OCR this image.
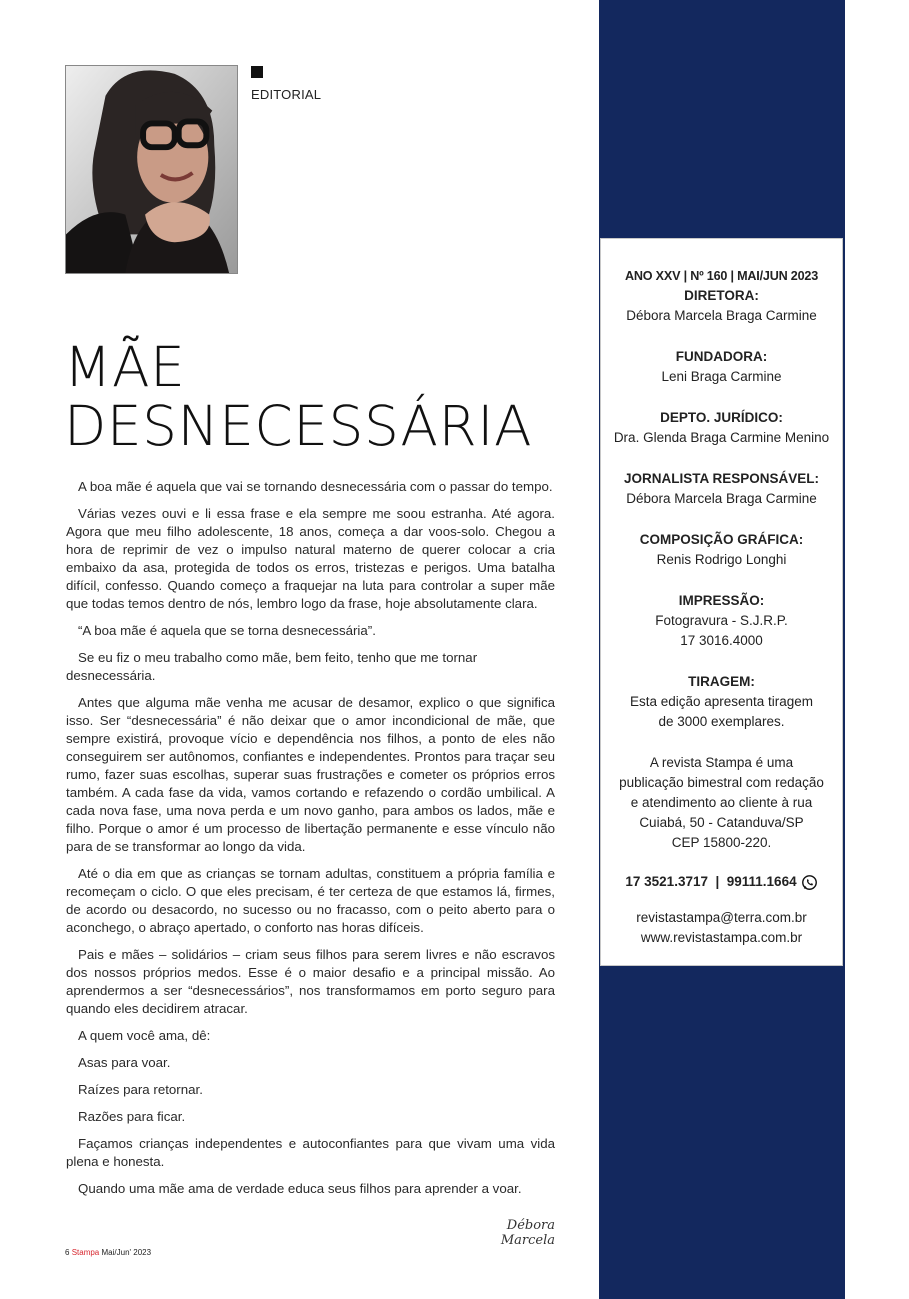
EDITORIAL
MÃE
DESNECESSÁRIA

A boa mãe é aquela que vai se tornando desnecessária com o passar do tempo.

Várias vezes ouvi e li essa frase e ela sempre me soou estranha. Até agora. Agora que meu filho adolescente, 18 anos, começa a dar voos-solo. Chegou a hora de reprimir de vez o impulso natural materno de querer colocar a cria embaixo da asa, protegida de todos os erros, tristezas e perigos. Uma batalha difícil, confesso. Quando começo a fraquejar na luta para controlar a super mãe que todas temos dentro de nós, lembro logo da frase, hoje absolutamente clara.

“A boa mãe é aquela que se torna desnecessária”.

Se eu fiz o meu trabalho como mãe, bem feito, tenho que me tornar desnecessária.

Antes que alguma mãe venha me acusar de desamor, explico o que significa isso. Ser “desnecessária” é não deixar que o amor incondicional de mãe, que sempre existirá, provoque vício e dependência nos filhos, a ponto de eles não conseguirem ser autônomos, confiantes e independentes. Prontos para traçar seu rumo, fazer suas escolhas, superar suas frustrações e cometer os próprios erros também. A cada fase da vida, vamos cortando e refazendo o cordão umbilical. A cada nova fase, uma nova perda e um novo ganho, para ambos os lados, mãe e filho. Porque o amor é um processo de libertação permanente e esse vínculo não para de se transformar ao longo da vida.

Até o dia em que as crianças se tornam adultas, constituem a própria família e recomeçam o ciclo. O que eles precisam, é ter certeza de que estamos lá, firmes, de acordo ou desacordo, no sucesso ou no fracasso, com o peito aberto para o aconchego, o abraço apertado, o conforto nas horas difíceis.

Pais e mães – solidários – criam seus filhos para serem livres e não escravos dos nossos próprios medos. Esse é o maior desafio e a principal missão. Ao aprendermos a ser “desnecessários”, nos transformamos em porto seguro para quando eles decidirem atracar.

A quem você ama, dê:

Asas para voar.

Raízes para retornar.

Razões para ficar.

Façamos crianças independentes e autoconfiantes para que vivam uma vida plena e honesta.

Quando uma mãe ama de verdade educa seus filhos para aprender a voar.

Débora Marcela
6 Stampa Mai/Jun' 2023
ANO XXV | Nº 160 | MAI/JUN 2023
DIRETORA:
Débora Marcela Braga Carmine
FUNDADORA:
Leni Braga Carmine
DEPTO. JURÍDICO:
Dra. Glenda Braga Carmine Menino
JORNALISTA RESPONSÁVEL:
Débora Marcela Braga Carmine
COMPOSIÇÃO GRÁFICA:
Renis Rodrigo Longhi
IMPRESSÃO:
Fotogravura - S.J.R.P.
17 3016.4000
TIRAGEM:
Esta edição apresenta tiragem
de 3000 exemplares.
A revista Stampa é uma
publicação bimestral com redação
e atendimento ao cliente à rua
Cuiabá, 50 - Catanduva/SP
CEP 15800-220.
17 3521.3717  |  99111.1664
revistastampa@terra.com.br
www.revistastampa.com.br
